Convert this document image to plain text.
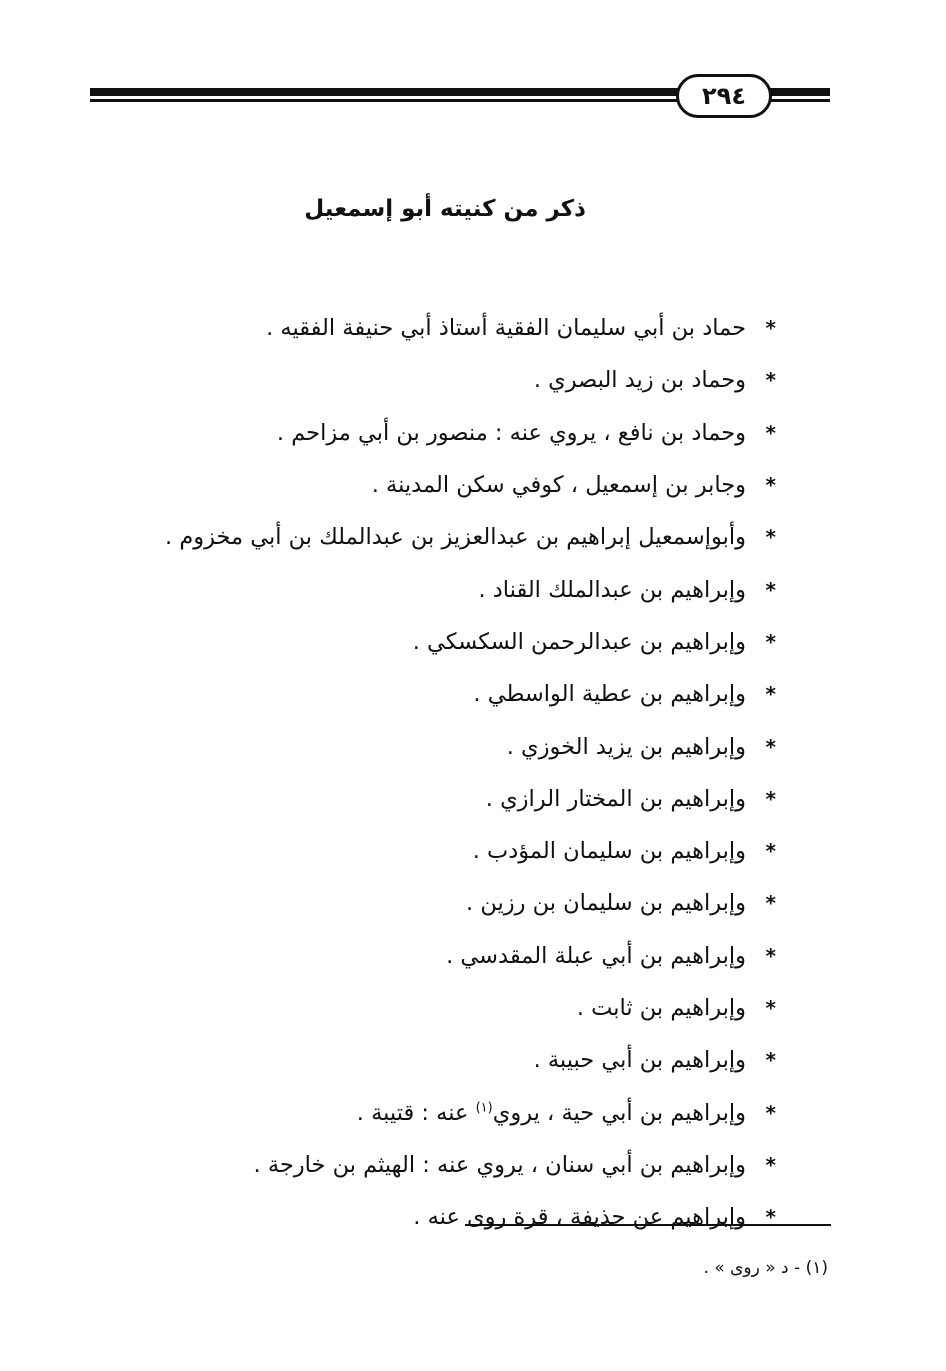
٢٩٤
ذكر من كنيته أبو إسمعيل
*
حماد بن أبي سليمان الفقية أستاذ أبي حنيفة الفقيه .
*
وحماد بن زيد البصري .
*
وحماد بن نافع ، يروي عنه : منصور بن أبي مزاحم .
*
وجابر بن إسمعيل ، كوفي سكن المدينة .
*
وأبوإسمعيل إبراهيم بن عبدالعزيز بن عبدالملك بن أبي مخزوم .
*
وإبراهيم بن عبدالملك القناد .
*
وإبراهيم بن عبدالرحمن السكسكي .
*
وإبراهيم بن عطية الواسطي .
*
وإبراهيم بن يزيد الخوزي .
*
وإبراهيم بن المختار الرازي .
*
وإبراهيم بن سليمان المؤدب .
*
وإبراهيم بن سليمان بن رزين .
*
وإبراهيم بن أبي عبلة المقدسي .
*
وإبراهيم بن ثابت .
*
وإبراهيم بن أبي حبيبة .
*
وإبراهيم بن أبي حية ، يروي$^{(١)}$ عنه : قتيبة .
*
وإبراهيم بن أبي سنان ، يروي عنه : الهيثم بن خارجة .
*
وإبراهيم عن حذيفة ، قرة روى عنه .
(١) - د « روى » .
